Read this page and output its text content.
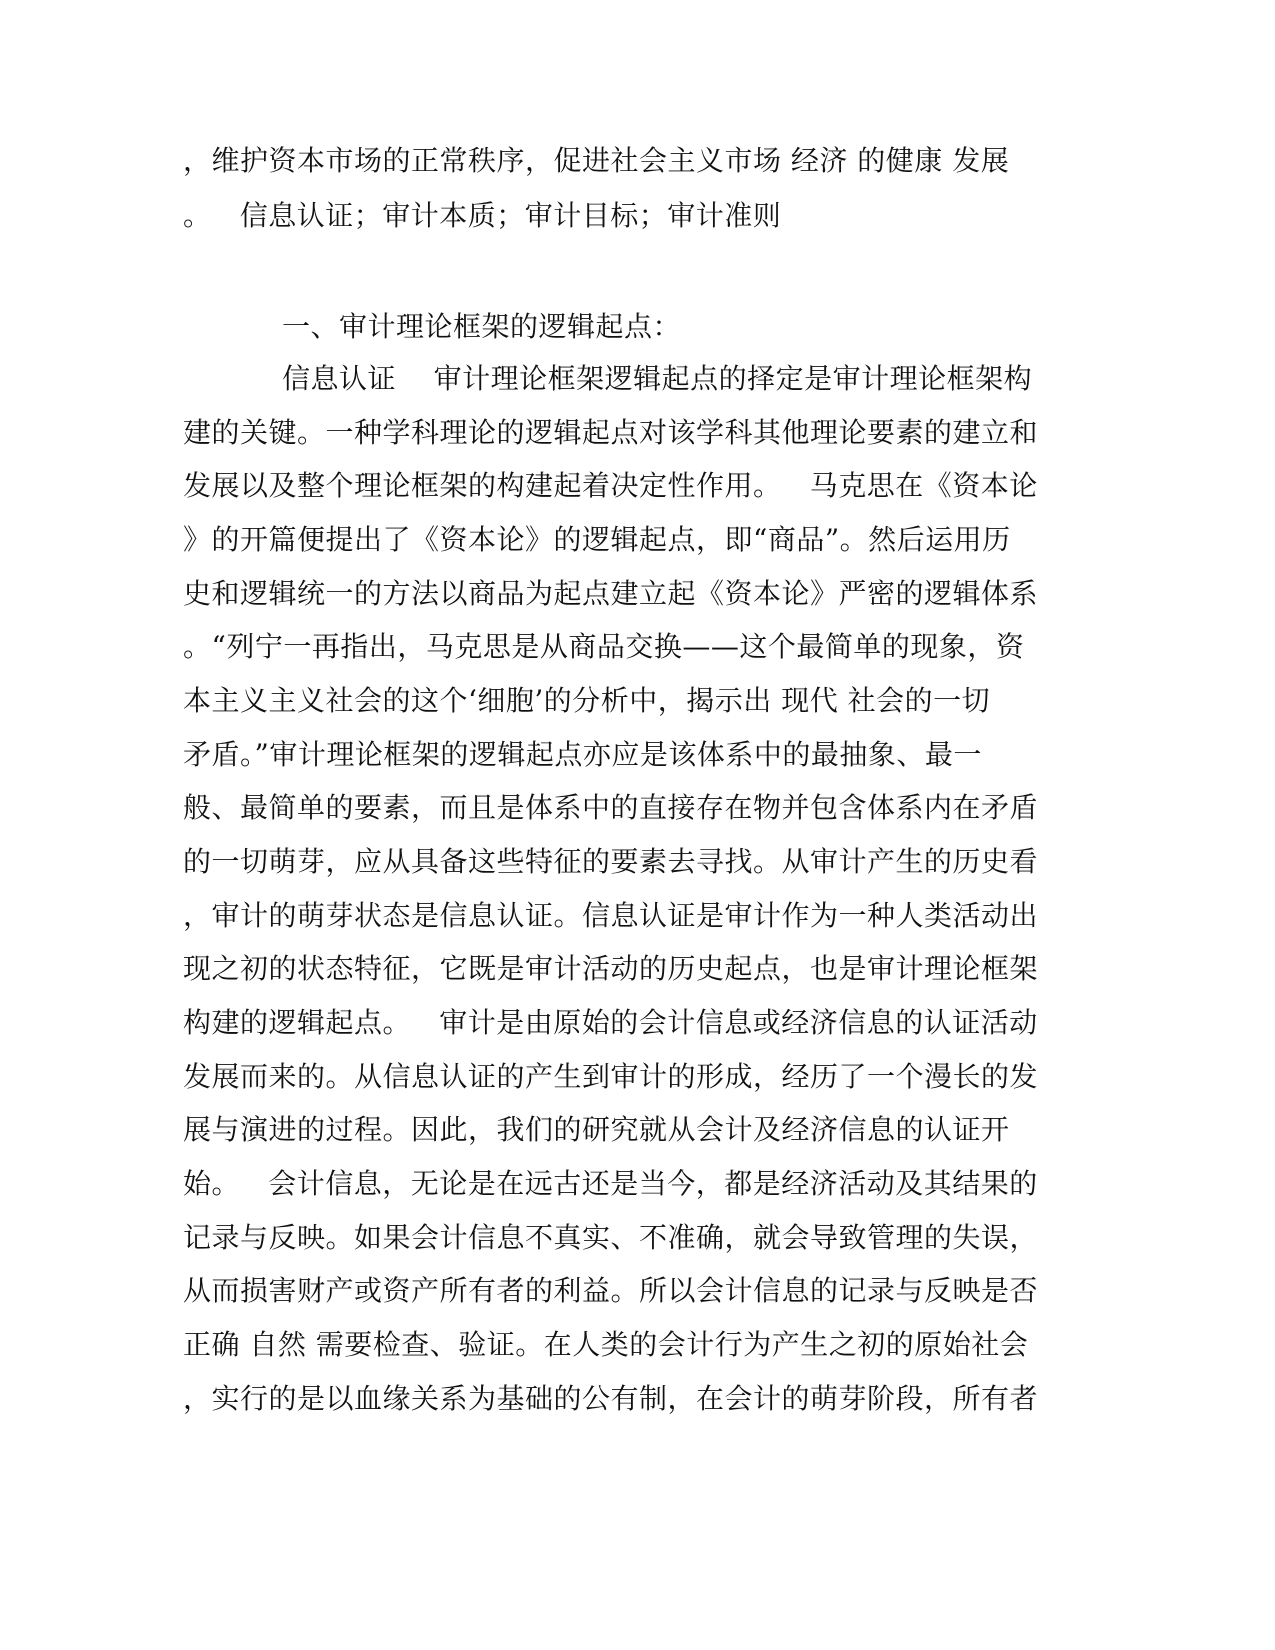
，维护资本市场的正常秩序，促进社会主义市场 经济 的健康 发展
。   信息认证；审计本质；审计目标；审计准则
一、审计理论框架的逻辑起点：
信息认证    审计理论框架逻辑起点的择定是审计理论框架构
建的关键。一种学科理论的逻辑起点对该学科其他理论要素的建立和
发展以及整个理论框架的构建起着决定性作用。   马克思在《资本论
》的开篇便提出了《资本论》的逻辑起点，即“商品”。然后运用历
史和逻辑统一的方法以商品为起点建立起《资本论》严密的逻辑体系
。“列宁一再指出，马克思是从商品交换——这个最简单的现象，资
本主义主义社会的这个‘细胞’的分析中，揭示出 现代 社会的一切
矛盾。”审计理论框架的逻辑起点亦应是该体系中的最抽象、最一
般、最简单的要素，而且是体系中的直接存在物并包含体系内在矛盾
的一切萌芽，应从具备这些特征的要素去寻找。从审计产生的历史看
，审计的萌芽状态是信息认证。信息认证是审计作为一种人类活动出
现之初的状态特征，它既是审计活动的历史起点，也是审计理论框架
构建的逻辑起点。   审计是由原始的会计信息或经济信息的认证活动
发展而来的。从信息认证的产生到审计的形成，经历了一个漫长的发
展与演进的过程。因此，我们的研究就从会计及经济信息的认证开
始。   会计信息，无论是在远古还是当今，都是经济活动及其结果的
记录与反映。如果会计信息不真实、不准确，就会导致管理的失误，
从而损害财产或资产所有者的利益。所以会计信息的记录与反映是否
正确 自然 需要检查、验证。在人类的会计行为产生之初的原始社会
，实行的是以血缘关系为基础的公有制，在会计的萌芽阶段，所有者
